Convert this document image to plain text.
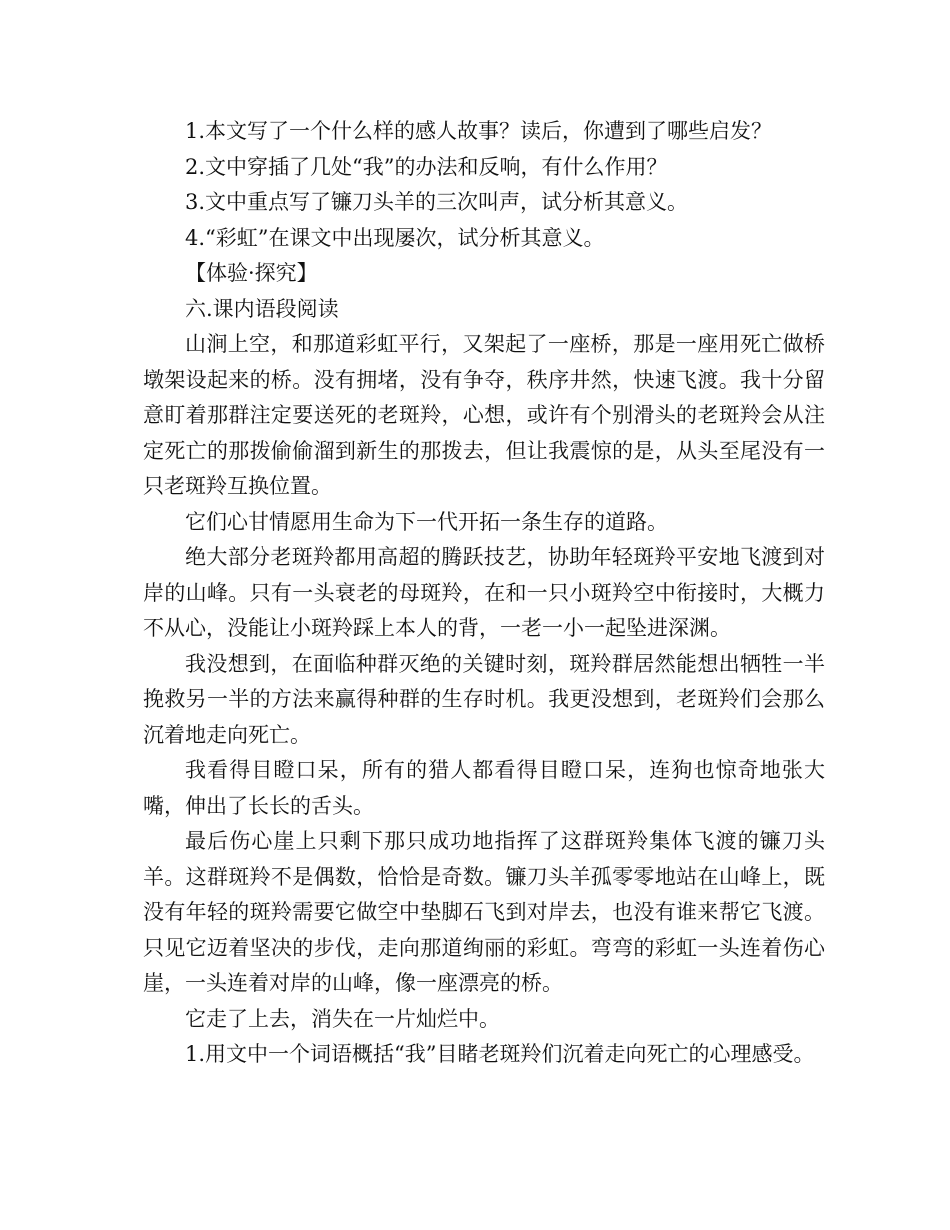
1.本文写了一个什么样的感人故事？读后，你遭到了哪些启发？

2.文中穿插了几处“我”的办法和反响，有什么作用？

3.文中重点写了镰刀头羊的三次叫声，试分析其意义。

4.“彩虹”在课文中出现屡次，试分析其意义。

【体验·探究】

六.课内语段阅读

山涧上空，和那道彩虹平行，又架起了一座桥，那是一座用死亡做桥墩架设起来的桥。没有拥堵，没有争夺，秩序井然，快速飞渡。我十分留意盯着那群注定要送死的老斑羚，心想，或许有个别滑头的老斑羚会从注定死亡的那拨偷偷溜到新生的那拨去，但让我震惊的是，从头至尾没有一只老斑羚互换位置。

它们心甘情愿用生命为下一代开拓一条生存的道路。

绝大部分老斑羚都用高超的腾跃技艺，协助年轻斑羚平安地飞渡到对岸的山峰。只有一头衰老的母斑羚，在和一只小斑羚空中衔接时，大概力不从心，没能让小斑羚踩上本人的背，一老一小一起坠进深渊。

我没想到，在面临种群灭绝的关键时刻，斑羚群居然能想出牺牲一半挽救另一半的方法来赢得种群的生存时机。我更没想到，老斑羚们会那么沉着地走向死亡。

我看得目瞪口呆，所有的猎人都看得目瞪口呆，连狗也惊奇地张大嘴，伸出了长长的舌头。

最后伤心崖上只剩下那只成功地指挥了这群斑羚集体飞渡的镰刀头羊。这群斑羚不是偶数，恰恰是奇数。镰刀头羊孤零零地站在山峰上，既没有年轻的斑羚需要它做空中垫脚石飞到对岸去，也没有谁来帮它飞渡。只见它迈着坚决的步伐，走向那道绚丽的彩虹。弯弯的彩虹一头连着伤心崖，一头连着对岸的山峰，像一座漂亮的桥。

它走了上去，消失在一片灿烂中。

1.用文中一个词语概括“我”目睹老斑羚们沉着走向死亡的心理感受。
